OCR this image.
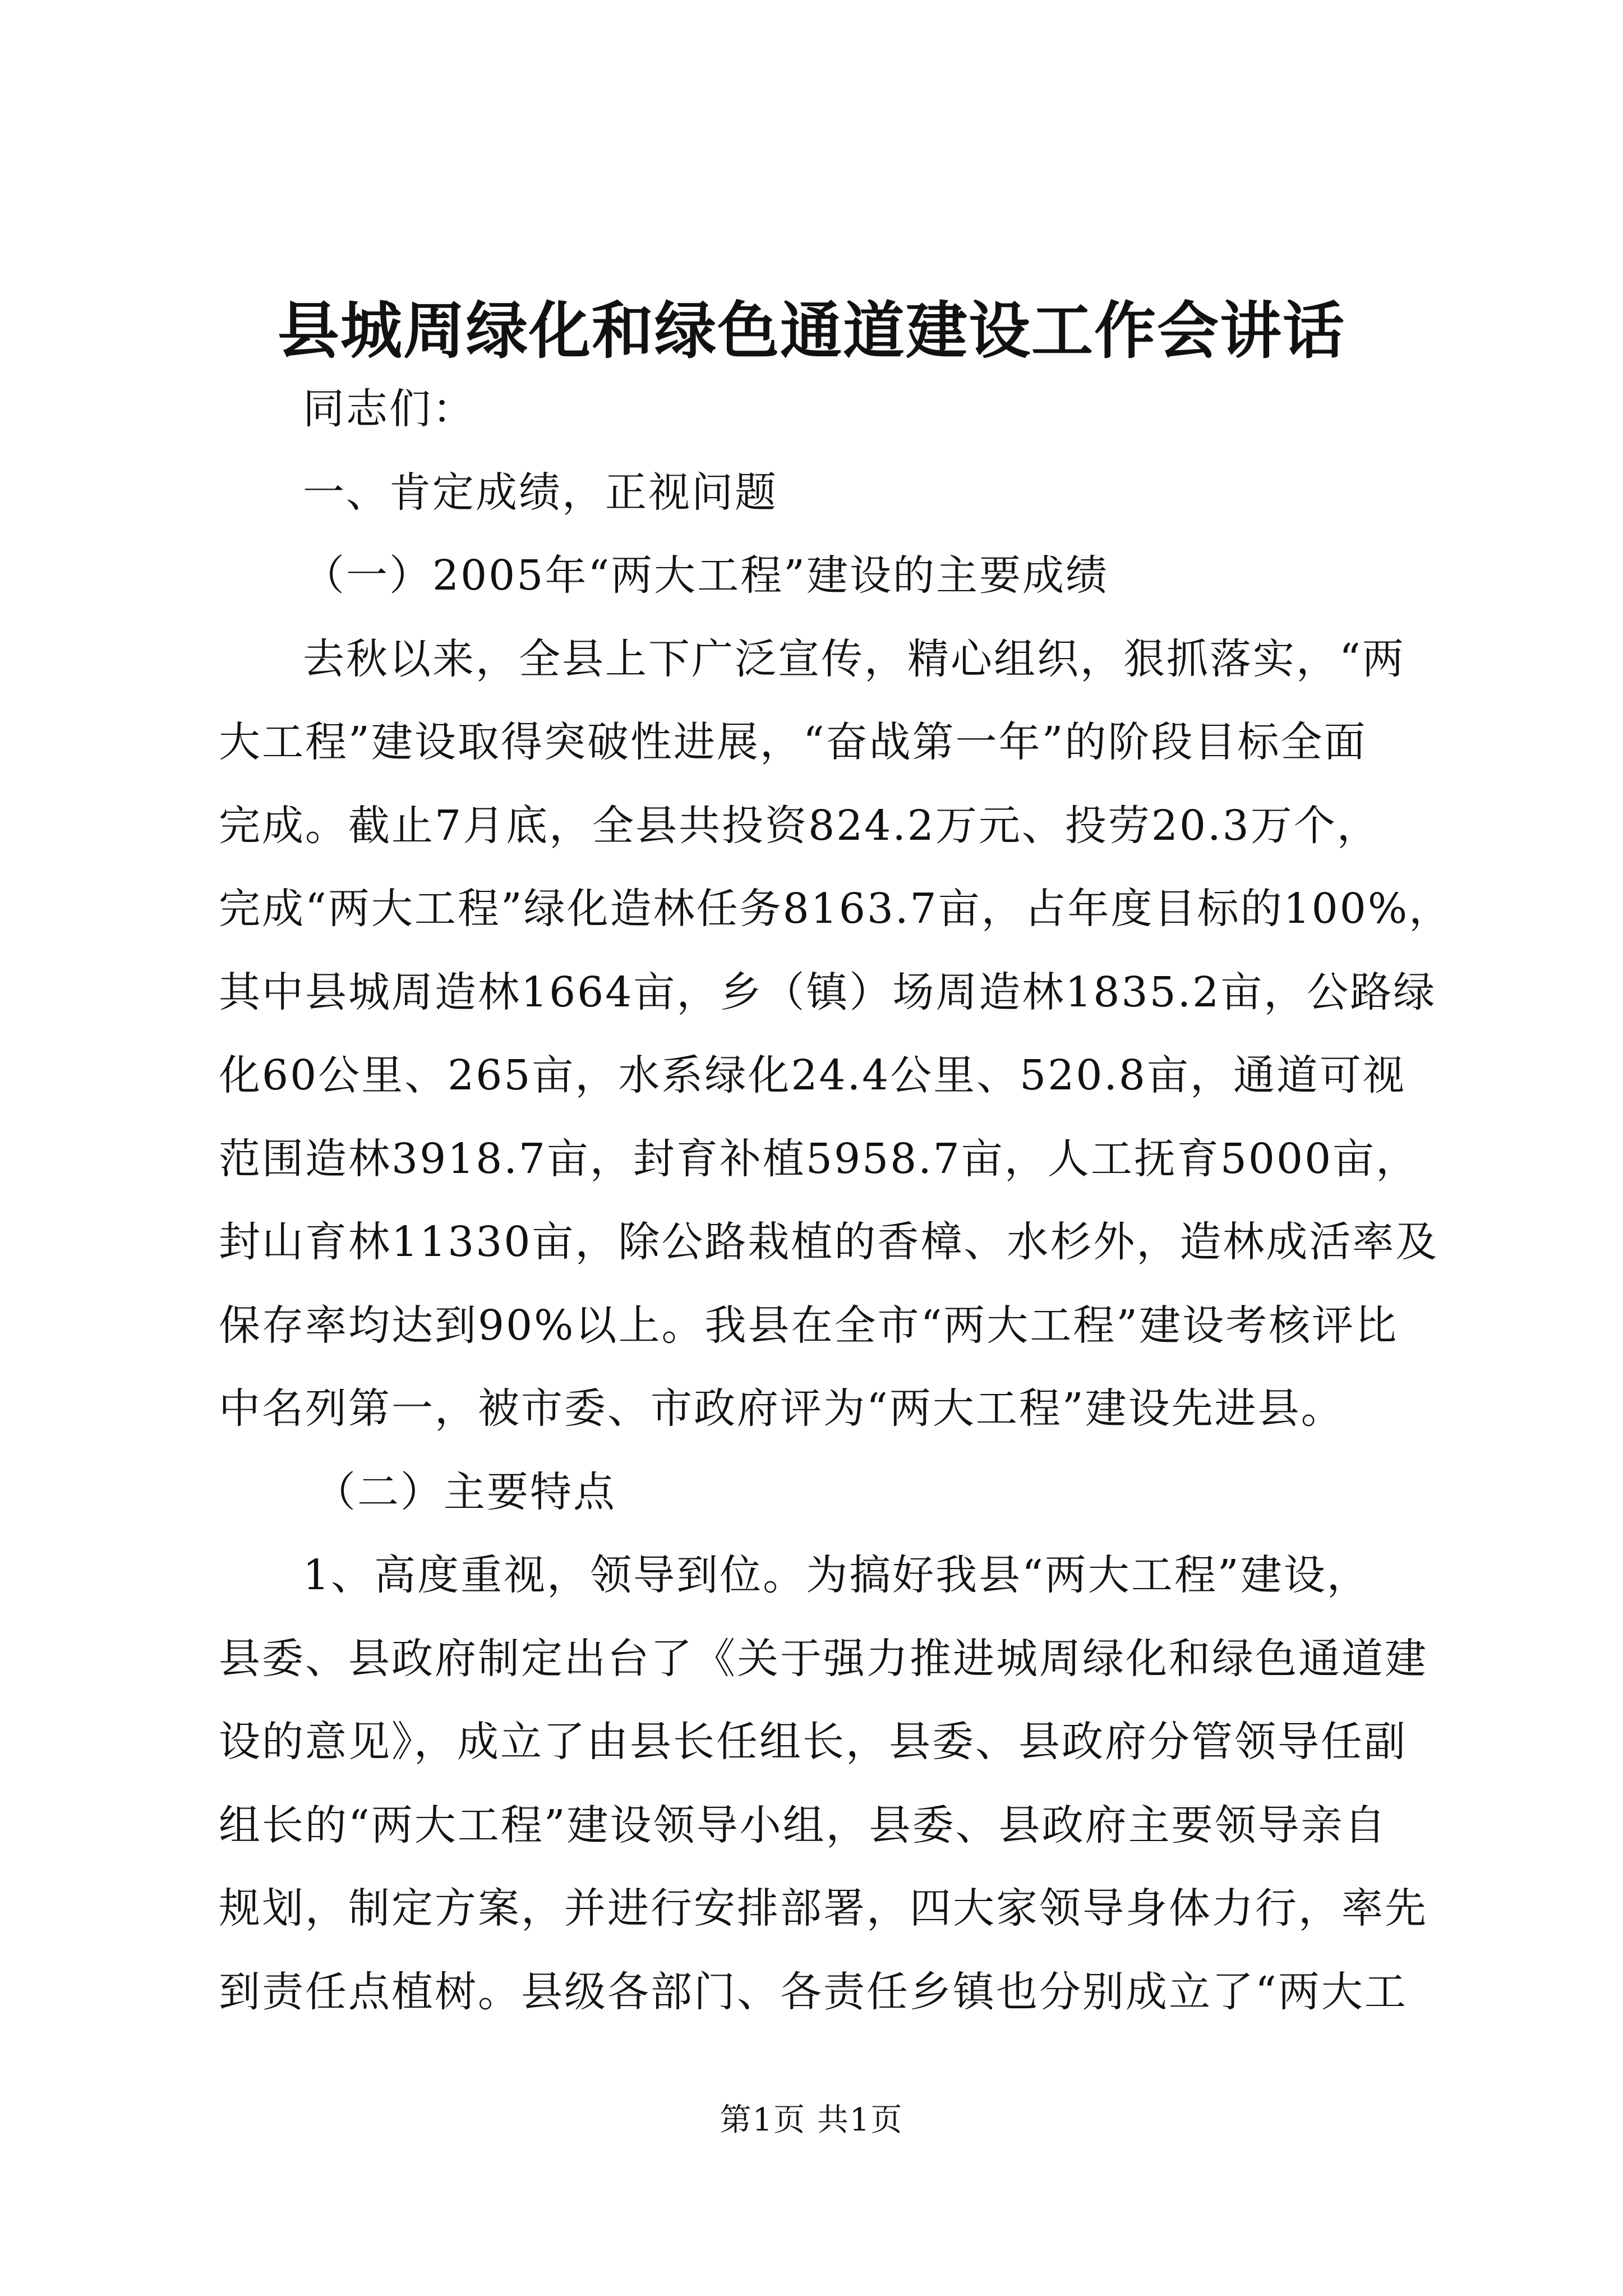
县城周绿化和绿色通道建设工作会讲话
同志们：
一、肯定成绩，正视问题
（一）2005年“两大工程”建设的主要成绩
去秋以来，全县上下广泛宣传，精心组织，狠抓落实，“两
大工程”建设取得突破性进展，“奋战第一年”的阶段目标全面
完成。截止7月底，全县共投资824.2万元、投劳20.3万个，
完成“两大工程”绿化造林任务8163.7亩，占年度目标的100%，
其中县城周造林1664亩，乡（镇）场周造林1835.2亩，公路绿
化60公里、265亩，水系绿化24.4公里、520.8亩，通道可视
范围造林3918.7亩，封育补植5958.7亩，人工抚育5000亩，
封山育林11330亩，除公路栽植的香樟、水杉外，造林成活率及
保存率均达到90%以上。我县在全市“两大工程”建设考核评比
中名列第一，被市委、市政府评为“两大工程”建设先进县。
（二）主要特点
1、高度重视，领导到位。为搞好我县“两大工程”建设，
县委、县政府制定出台了《关于强力推进城周绿化和绿色通道建
设的意见》，成立了由县长任组长，县委、县政府分管领导任副
组长的“两大工程”建设领导小组，县委、县政府主要领导亲自
规划，制定方案，并进行安排部署，四大家领导身体力行，率先
到责任点植树。县级各部门、各责任乡镇也分别成立了“两大工
第1页 共1页
